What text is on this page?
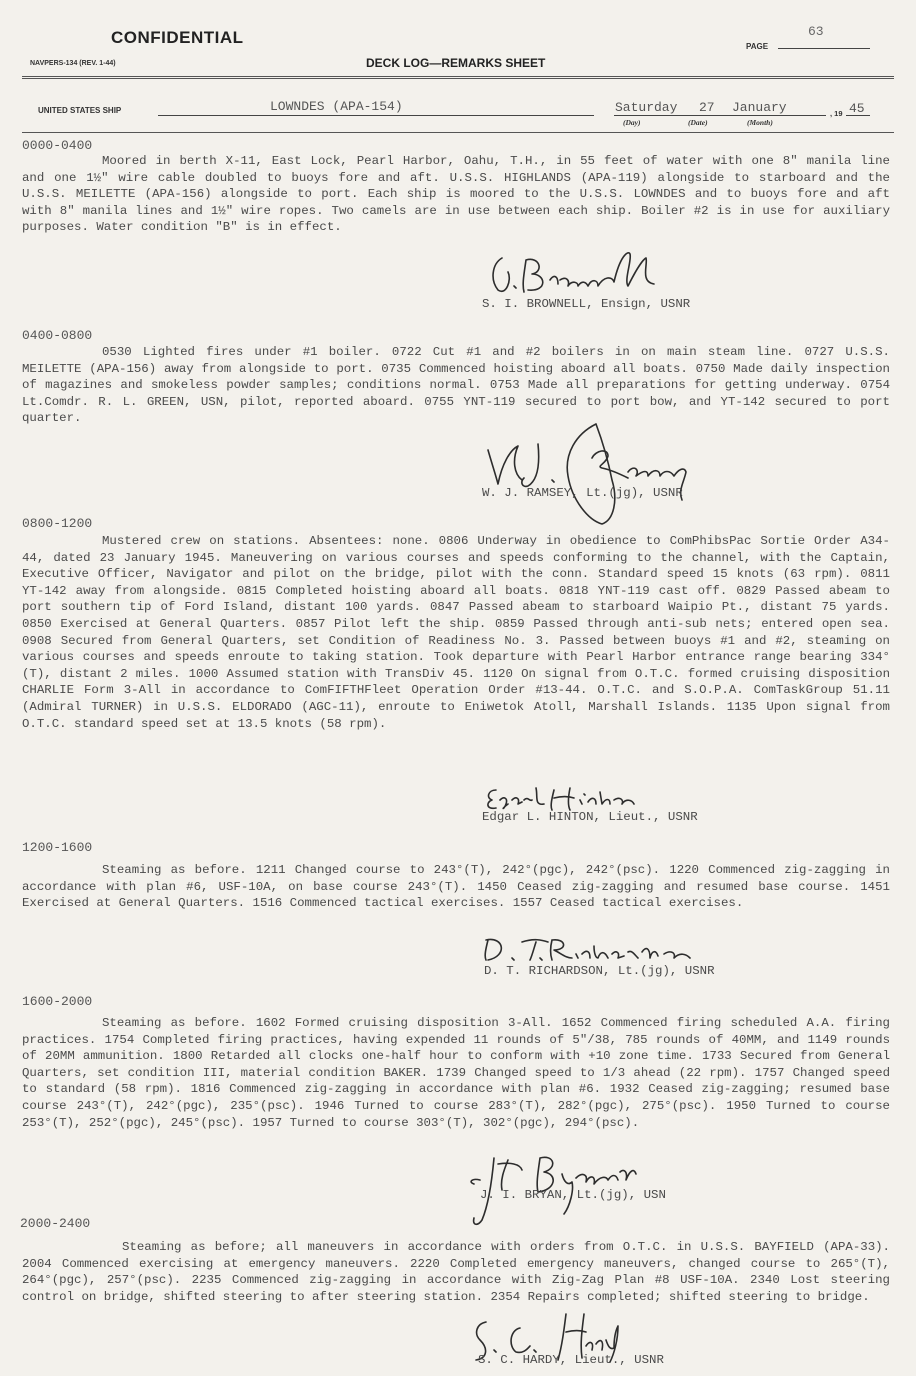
63
CONFIDENTIAL	PAGE
NAVPERS-134 (REV. 1-44)	DECK LOG—REMARKS SHEET
UNITED STATES SHIP	LOWNDES (APA-154)	Saturday 27 January
(Day)	(Date)	(Month)
, 19 45
0000-0400

Moored in berth X-11, East Lock, Pearl Harbor, Oahu, T.H., in 55 feet of water with one 8" manila line and one 1½" wire cable doubled to buoys fore and aft. U.S.S. HIGHLANDS (APA-119) alongside to starboard and the U.S.S. MEILETTE (APA-156) alongside to port. Each ship is moored to the U.S.S. LOWNDES and to buoys fore and aft with 8" manila lines and 1½" wire ropes. Two camels are in use between each ship. Boiler #2 is in use for auxiliary purposes. Water condition "B" is in effect.

S. I. BROWNELL, Ensign, USNR
0400-0800

0530 Lighted fires under #1 boiler. 0722 Cut #1 and #2 boilers in on main steam line. 0727 U.S.S. MEILETTE (APA-156) away from alongside to port. 0735 Commenced hoisting aboard all boats. 0750 Made daily inspection of magazines and smokeless powder samples; conditions normal. 0753 Made all preparations for getting underway. 0754 Lt.Comdr. R. L. GREEN, USN, pilot, reported aboard. 0755 YNT-119 secured to port bow, and YT-142 secured to port quarter.

W. J. RAMSEY, Lt.(jg), USNR
0800-1200

Mustered crew on stations. Absentees: none. 0806 Underway in obedience to ComPhibsPac Sortie Order A34-44, dated 23 January 1945. Maneuvering on various courses and speeds conforming to the channel, with the Captain, Executive Officer, Navigator and pilot on the bridge, pilot with the conn. Standard speed 15 knots (63 rpm). 0811 YT-142 away from alongside. 0815 Completed hoisting aboard all boats. 0818 YNT-119 cast off. 0829 Passed abeam to port southern tip of Ford Island, distant 100 yards. 0847 Passed abeam to starboard Waipio Pt., distant 75 yards. 0850 Exercised at General Quarters. 0857 Pilot left the ship. 0859 Passed through anti-sub nets; entered open sea. 0908 Secured from General Quarters, set Condition of Readiness No. 3. Passed between buoys #1 and #2, steaming on various courses and speeds enroute to taking station. Took departure with Pearl Harbor entrance range bearing 334°(T), distant 2 miles. 1000 Assumed station with TransDiv 45. 1120 On signal from O.T.C. formed cruising disposition CHARLIE Form 3-All in accordance to ComFIFTHFleet Operation Order #13-44. O.T.C. and S.O.P.A. ComTaskGroup 51.11 (Admiral TURNER) in U.S.S. ELDORADO (AGC-11), enroute to Eniwetok Atoll, Marshall Islands. 1135 Upon signal from O.T.C. standard speed set at 13.5 knots (58 rpm).

Edgar L. HINTON, Lieut., USNR
1200-1600

Steaming as before. 1211 Changed course to 243°(T), 242°(pgc), 242°(psc). 1220 Commenced zig-zagging in accordance with plan #6, USF-10A, on base course 243°(T). 1450 Ceased zig-zagging and resumed base course. 1451 Exercised at General Quarters. 1516 Commenced tactical exercises. 1557 Ceased tactical exercises.

D. T. RICHARDSON, Lt.(jg), USNR
1600-2000

Steaming as before. 1602 Formed cruising disposition 3-All. 1652 Commenced firing scheduled A.A. firing practices. 1754 Completed firing practices, having expended 11 rounds of 5"/38, 785 rounds of 40MM, and 1149 rounds of 20MM ammunition. 1800 Retarded all clocks one-half hour to conform with +10 zone time. 1733 Secured from General Quarters, set condition III, material condition BAKER. 1739 Changed speed to 1/3 ahead (22 rpm). 1757 Changed speed to standard (58 rpm). 1816 Commenced zig-zagging in accordance with plan #6. 1932 Ceased zig-zagging; resumed base course 243°(T), 242°(pgc), 235°(psc). 1946 Turned to course 283°(T), 282°(pgc), 275°(psc). 1950 Turned to course 253°(T), 252°(pgc), 245°(psc). 1957 Turned to course 303°(T), 302°(pgc), 294°(psc).

J. I. BRYAN, Lt.(jg), USN
2000-2400

Steaming as before; all maneuvers in accordance with orders from O.T.C. in U.S.S. BAYFIELD (APA-33). 2004 Commenced exercising at emergency maneuvers. 2220 Completed emergency maneuvers, changed course to 265°(T), 264°(pgc), 257°(psc). 2235 Commenced zig-zagging in accordance with Zig-Zag Plan #8 USF-10A. 2340 Lost steering control on bridge, shifted steering to after steering station. 2354 Repairs completed; shifted steering to bridge.

S. C. HARDY, Lieut., USNR
